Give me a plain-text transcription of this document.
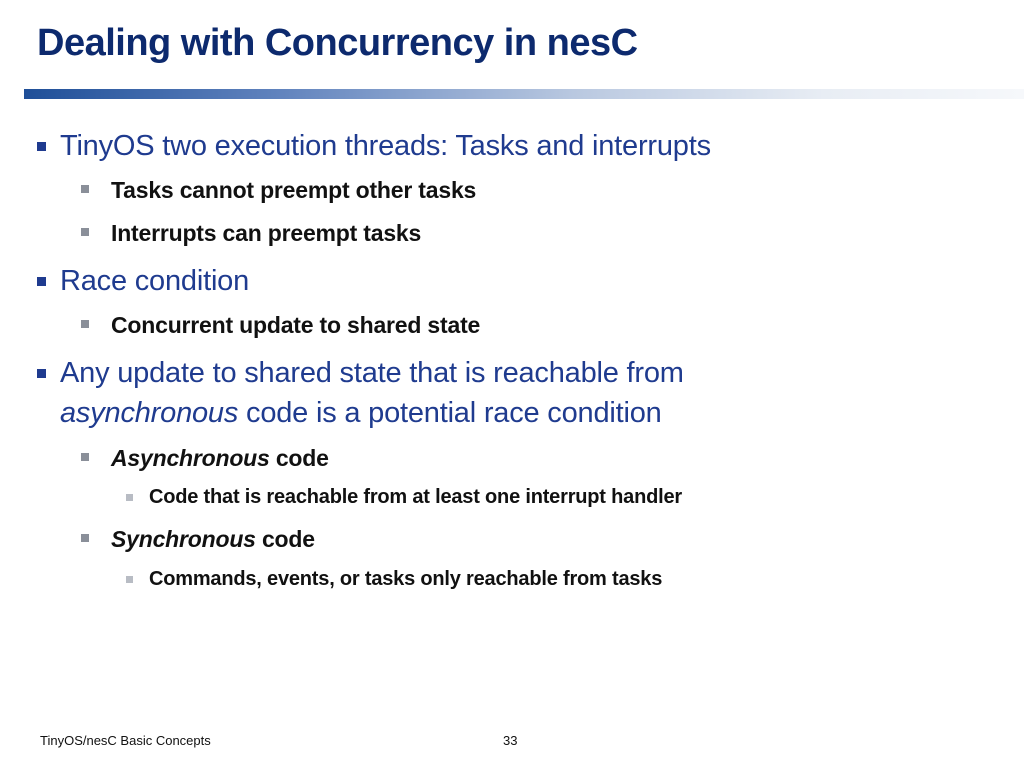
Dealing with Concurrency in nesC
TinyOS two execution threads: Tasks and interrupts
Tasks cannot preempt other tasks
Interrupts can preempt tasks
Race condition
Concurrent update to shared state
Any update to shared state that is reachable from
asynchronous code is a potential race condition
Asynchronous code
Code that is reachable from at least one interrupt handler
Synchronous code
Commands, events, or tasks only reachable from tasks
TinyOS/nesC Basic Concepts	33
